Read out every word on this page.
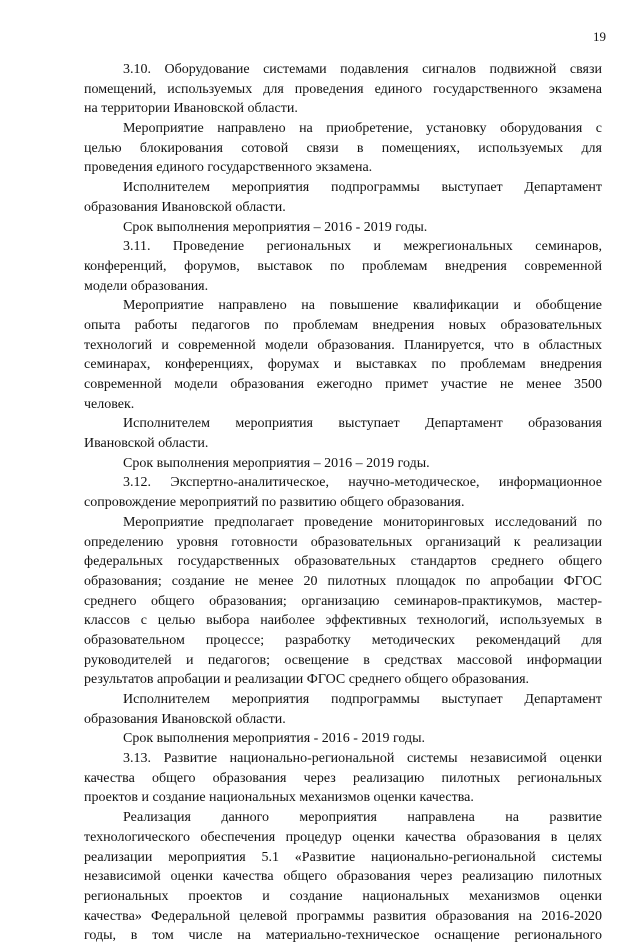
19
3.10. Оборудование системами подавления сигналов подвижной связи
помещений, используемых для проведения единого государственного экзамена
на территории Ивановской области.
Мероприятие направлено на приобретение, установку оборудования с
целью блокирования сотовой связи в помещениях, используемых для
проведения единого государственного экзамена.
Исполнителем мероприятия подпрограммы выступает Департамент
образования Ивановской области.
Срок выполнения мероприятия – 2016 - 2019 годы.
3.11. Проведение региональных и межрегиональных семинаров,
конференций, форумов, выставок по проблемам внедрения современной
модели образования.
Мероприятие направлено на повышение квалификации и обобщение
опыта работы педагогов по проблемам внедрения новых образовательных
технологий и современной модели образования. Планируется, что в областных
семинарах, конференциях, форумах и выставках по проблемам внедрения
современной модели образования ежегодно примет участие не менее 3500
человек.
Исполнителем мероприятия выступает Департамент образования
Ивановской области.
Срок выполнения мероприятия – 2016 – 2019 годы.
3.12. Экспертно-аналитическое, научно-методическое, информационное
сопровождение мероприятий по развитию общего образования.
Мероприятие предполагает проведение мониторинговых исследований по
определению уровня готовности образовательных организаций к реализации
федеральных государственных образовательных стандартов среднего общего
образования; создание не менее 20 пилотных площадок по апробации ФГОС
среднего общего образования; организацию семинаров-практикумов, мастер-
классов с целью выбора наиболее эффективных технологий, используемых в
образовательном процессе; разработку методических рекомендаций для
руководителей и педагогов; освещение в средствах массовой информации
результатов апробации и реализации ФГОС среднего общего образования.
Исполнителем мероприятия подпрограммы выступает Департамент
образования Ивановской области.
Срок выполнения мероприятия - 2016 - 2019 годы.
3.13. Развитие национально-региональной системы независимой оценки
качества общего образования через реализацию пилотных региональных
проектов и создание национальных механизмов оценки качества.
Реализация данного мероприятия направлена на развитие
технологического обеспечения процедур оценки качества образования в целях
реализации мероприятия 5.1 «Развитие национально-региональной системы
независимой оценки качества общего образования через реализацию пилотных
региональных проектов и создание национальных механизмов оценки
качества» Федеральной целевой программы развития образования на 2016-2020
годы, в том числе на материально-техническое оснащение регионального
